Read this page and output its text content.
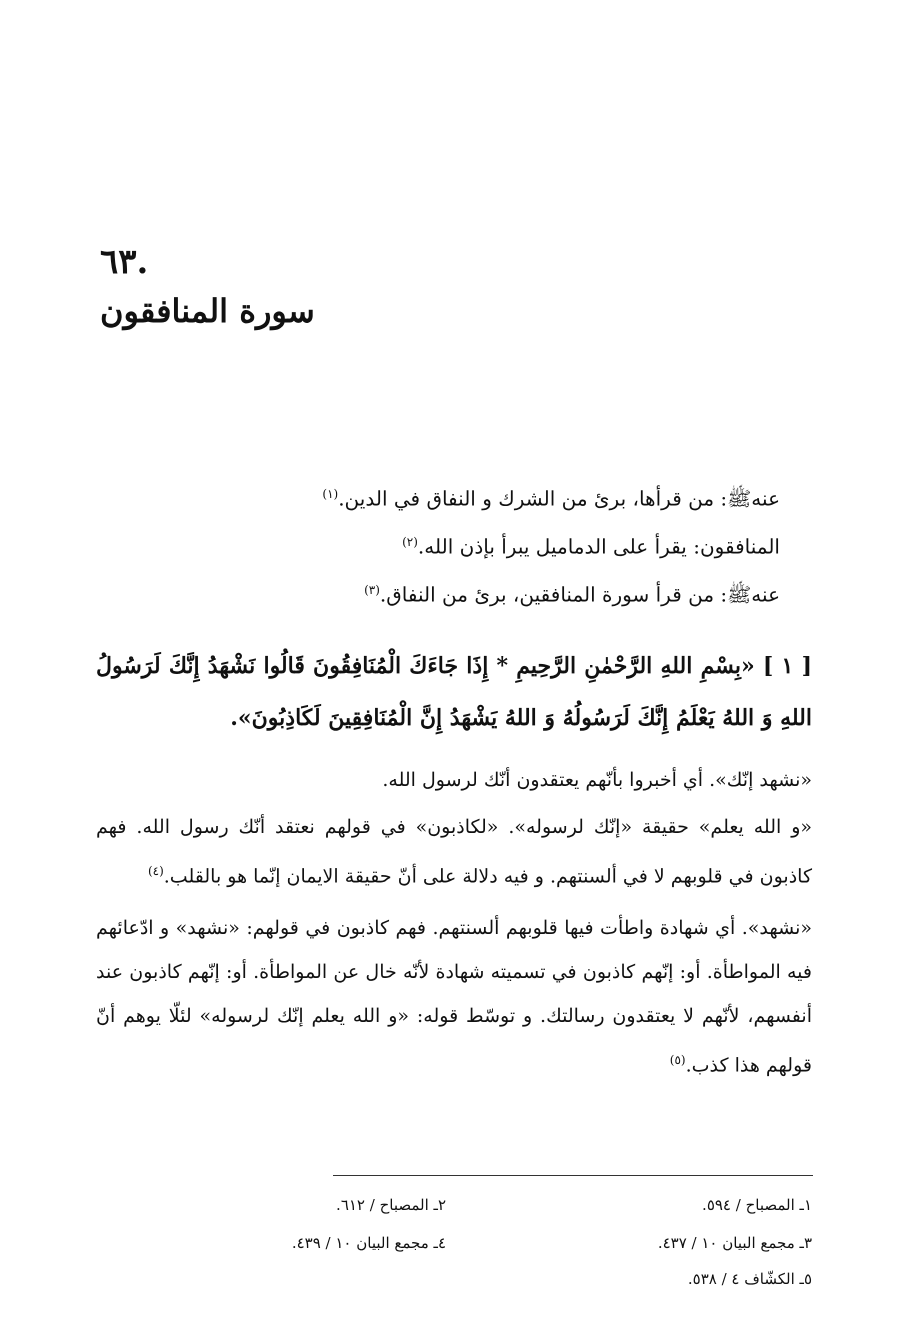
.٦٣
سورة المنافقون
عنهﷺ: من قرأها، برئ من الشرك و النفاق في الدين.$^{(١)}$
المنافقون: يقرأ على الدماميل يبرأ بإذن الله.$^{(٢)}$
عنهﷺ: من قرأ سورة المنافقين، برئ من النفاق.$^{(٣)}$
[ ١ ] «بِسْمِ اللهِ الرَّحْمٰنِ الرَّحِيمِ * إِذَا جَاءَكَ الْمُنَافِقُونَ قَالُوا نَشْهَدُ إِنَّكَ لَرَسُولُ اللهِ وَ اللهُ يَعْلَمُ إِنَّكَ لَرَسُولُهُ وَ اللهُ يَشْهَدُ إِنَّ الْمُنَافِقِينَ لَكَاذِبُونَ».
«نشهد إنّك». أي أخبروا بأنّهم يعتقدون أنّك لرسول الله.
«و الله يعلم» حقيقة «إنّك لرسوله». «لكاذبون» في قولهم نعتقد أنّك رسول الله. فهم كاذبون في قلوبهم لا في ألسنتهم. و فيه دلالة على أنّ حقيقة الايمان إنّما هو بالقلب.$^{(٤)}$
«نشهد». أي شهادة واطأت فيها قلوبهم ألسنتهم. فهم كاذبون في قولهم: «نشهد» و ادّعائهم فيه المواطأة. أو: إنّهم كاذبون في تسميته شهادة لأنّه خال عن المواطأة. أو: إنّهم كاذبون عند أنفسهم، لأنّهم لا يعتقدون رسالتك. و توسّط قوله: «و الله يعلم إنّك لرسوله» لئلّا يوهم أنّ قولهم هذا كذب.$^{(٥)}$
١ـ المصباح / ٥٩٤.
٢ـ المصباح / ٦١٢.
٣ـ مجمع البيان ١٠ / ٤٣٧.
٤ـ مجمع البيان ١٠ / ٤٣٩.
٥ـ الكشّاف ٤ / ٥٣٨.
